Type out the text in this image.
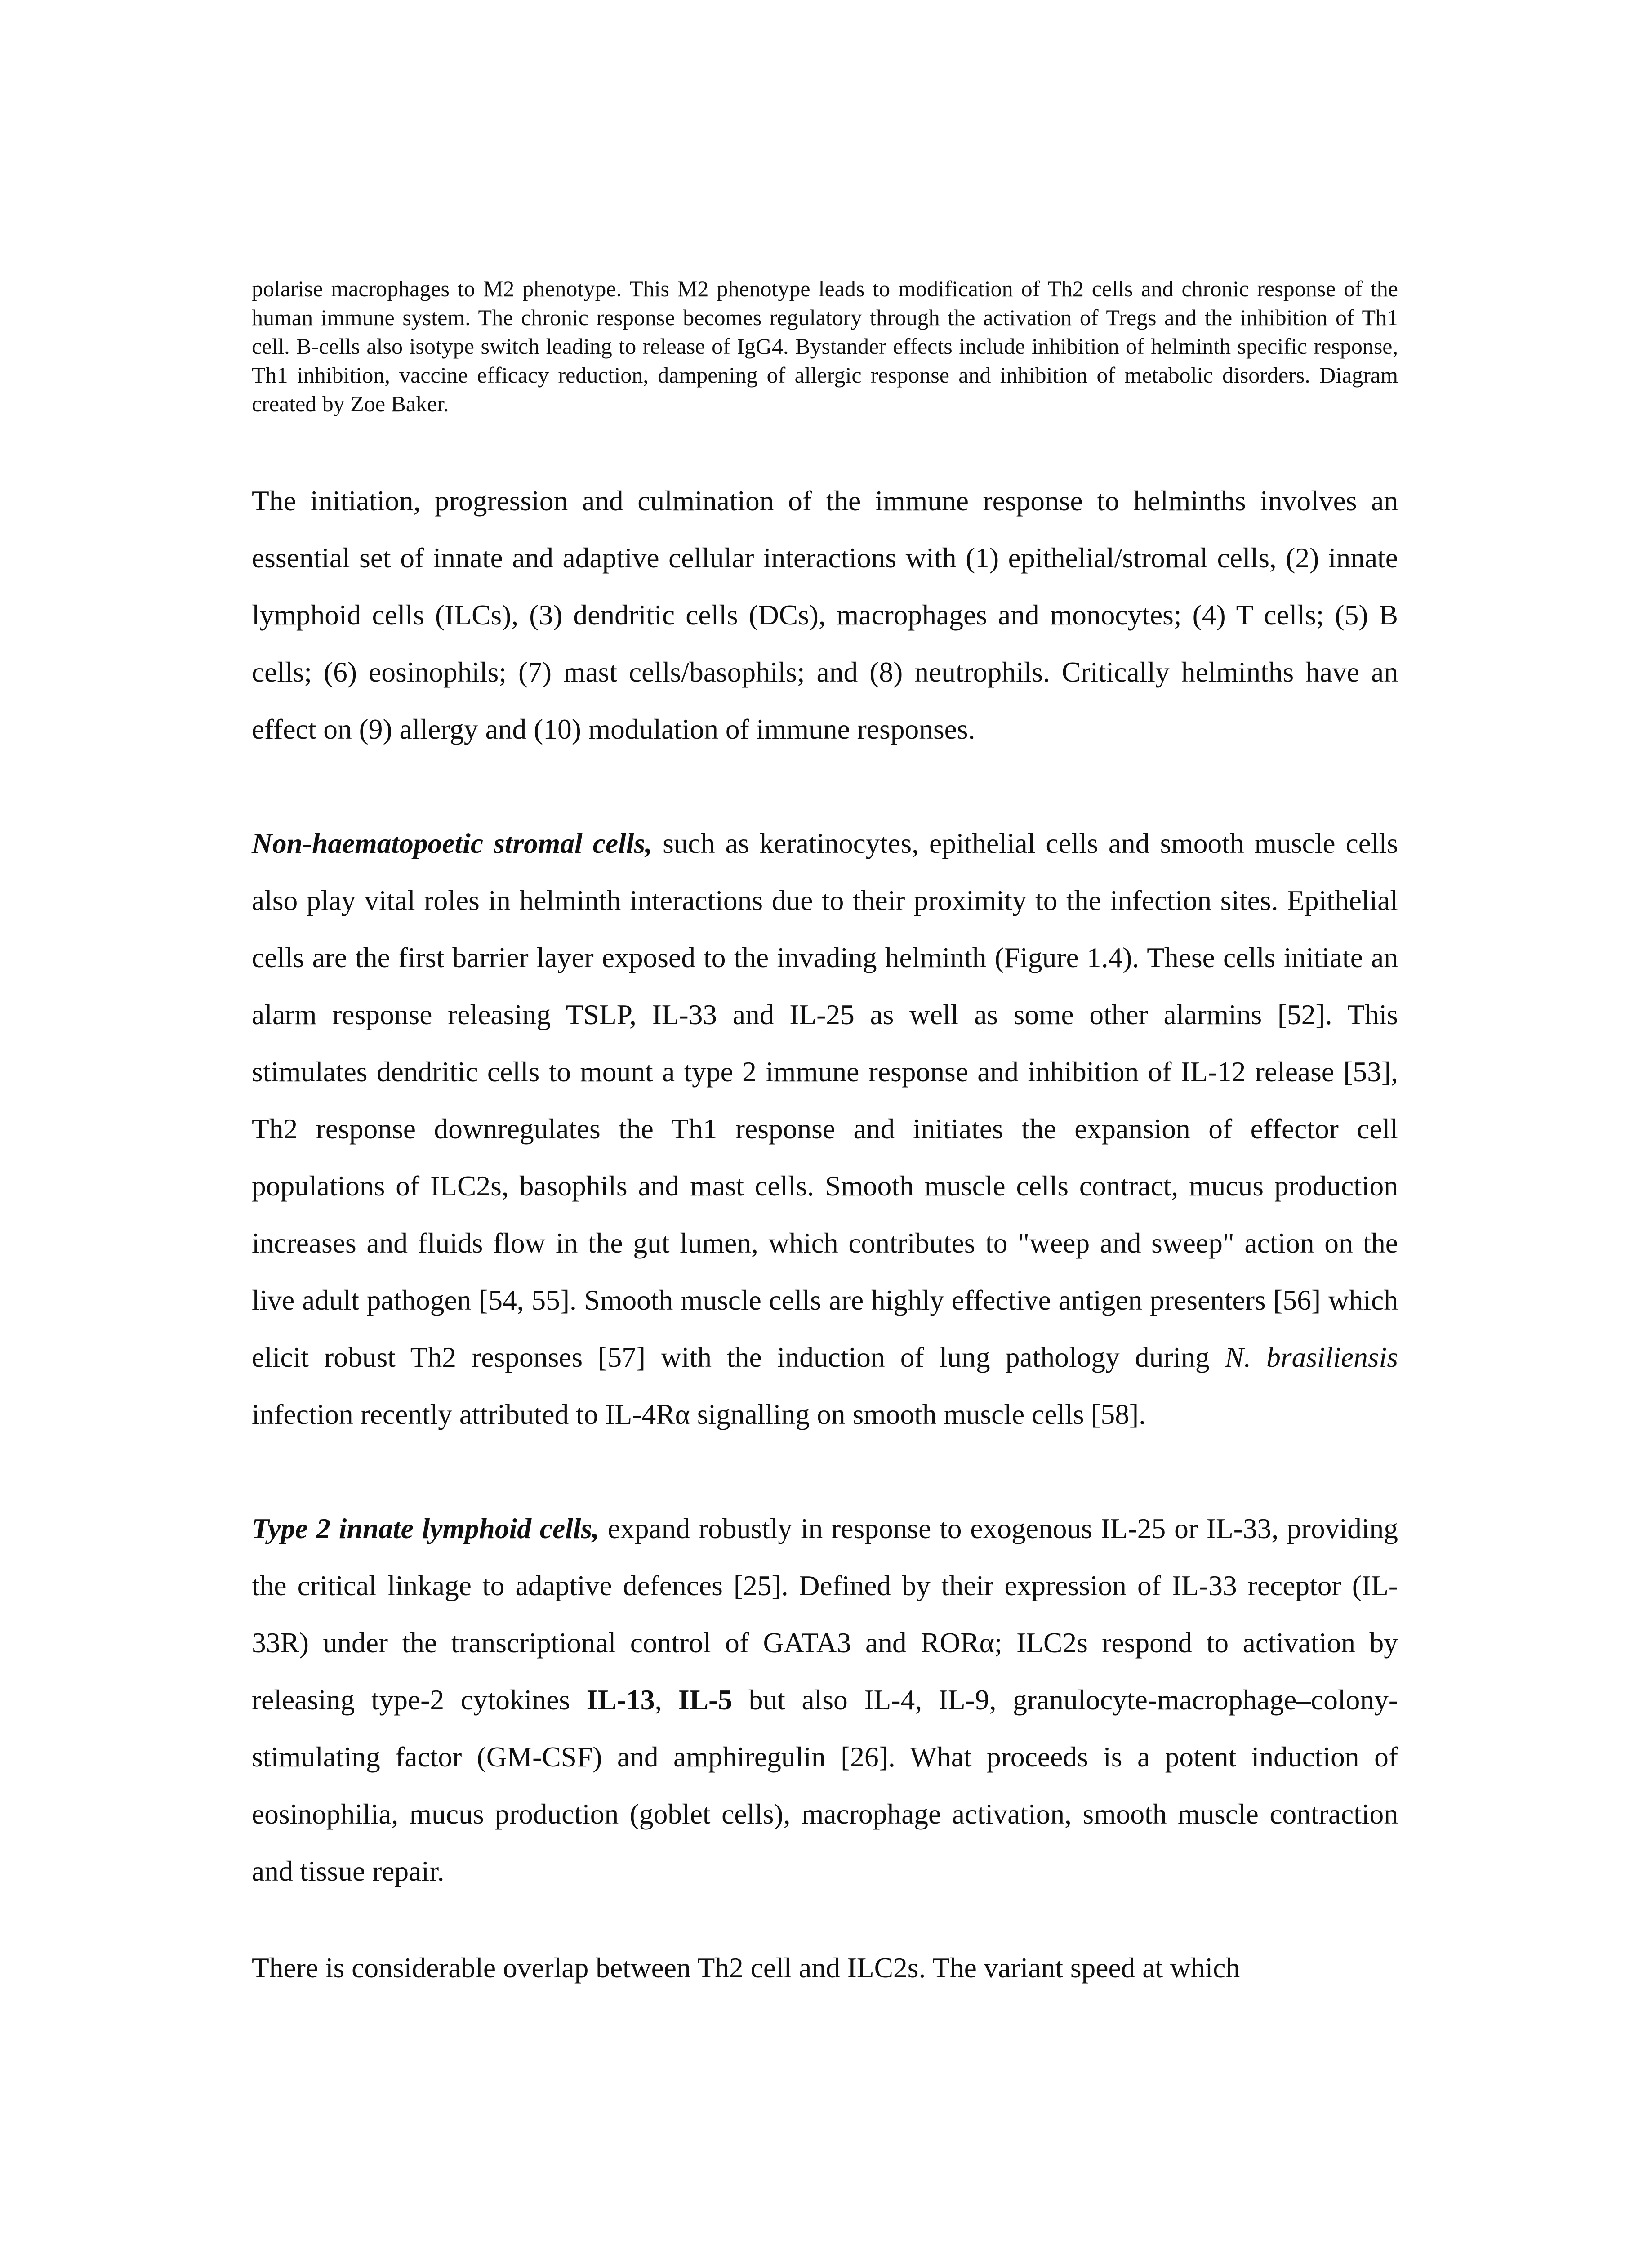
polarise macrophages to M2 phenotype. This M2 phenotype leads to modification of Th2 cells and chronic response of the human immune system. The chronic response becomes regulatory through the activation of Tregs and the inhibition of Th1 cell. B-cells also isotype switch leading to release of IgG4. Bystander effects include inhibition of helminth specific response, Th1 inhibition, vaccine efficacy reduction, dampening of allergic response and inhibition of metabolic disorders. Diagram created by Zoe Baker.

The initiation, progression and culmination of the immune response to helminths involves an essential set of innate and adaptive cellular interactions with (1) epithelial/stromal cells, (2) innate lymphoid cells (ILCs), (3) dendritic cells (DCs), macrophages and monocytes; (4) T cells; (5) B cells; (6) eosinophils; (7) mast cells/basophils; and (8) neutrophils. Critically helminths have an effect on (9) allergy and (10) modulation of immune responses.

Non-haematopoetic stromal cells, such as keratinocytes, epithelial cells and smooth muscle cells also play vital roles in helminth interactions due to their proximity to the infection sites. Epithelial cells are the first barrier layer exposed to the invading helminth (Figure 1.4). These cells initiate an alarm response releasing TSLP, IL-33 and IL-25 as well as some other alarmins [52]. This stimulates dendritic cells to mount a type 2 immune response and inhibition of IL-12 release [53], Th2 response downregulates the Th1 response and initiates the expansion of effector cell populations of ILC2s, basophils and mast cells. Smooth muscle cells contract, mucus production increases and fluids flow in the gut lumen, which contributes to "weep and sweep" action on the live adult pathogen [54, 55]. Smooth muscle cells are highly effective antigen presenters [56] which elicit robust Th2 responses [57] with the induction of lung pathology during N. brasiliensis infection recently attributed to IL-4Rα signalling on smooth muscle cells [58].

Type 2 innate lymphoid cells, expand robustly in response to exogenous IL-25 or IL-33, providing the critical linkage to adaptive defences [25]. Defined by their expression of IL-33 receptor (IL-33R) under the transcriptional control of GATA3 and RORα; ILC2s respond to activation by releasing type-2 cytokines IL-13, IL-5 but also IL-4, IL-9, granulocyte-macrophage–colony-stimulating factor (GM-CSF) and amphiregulin [26]. What proceeds is a potent induction of eosinophilia, mucus production (goblet cells), macrophage activation, smooth muscle contraction and tissue repair.

There is considerable overlap between Th2 cell and ILC2s. The variant speed at which
